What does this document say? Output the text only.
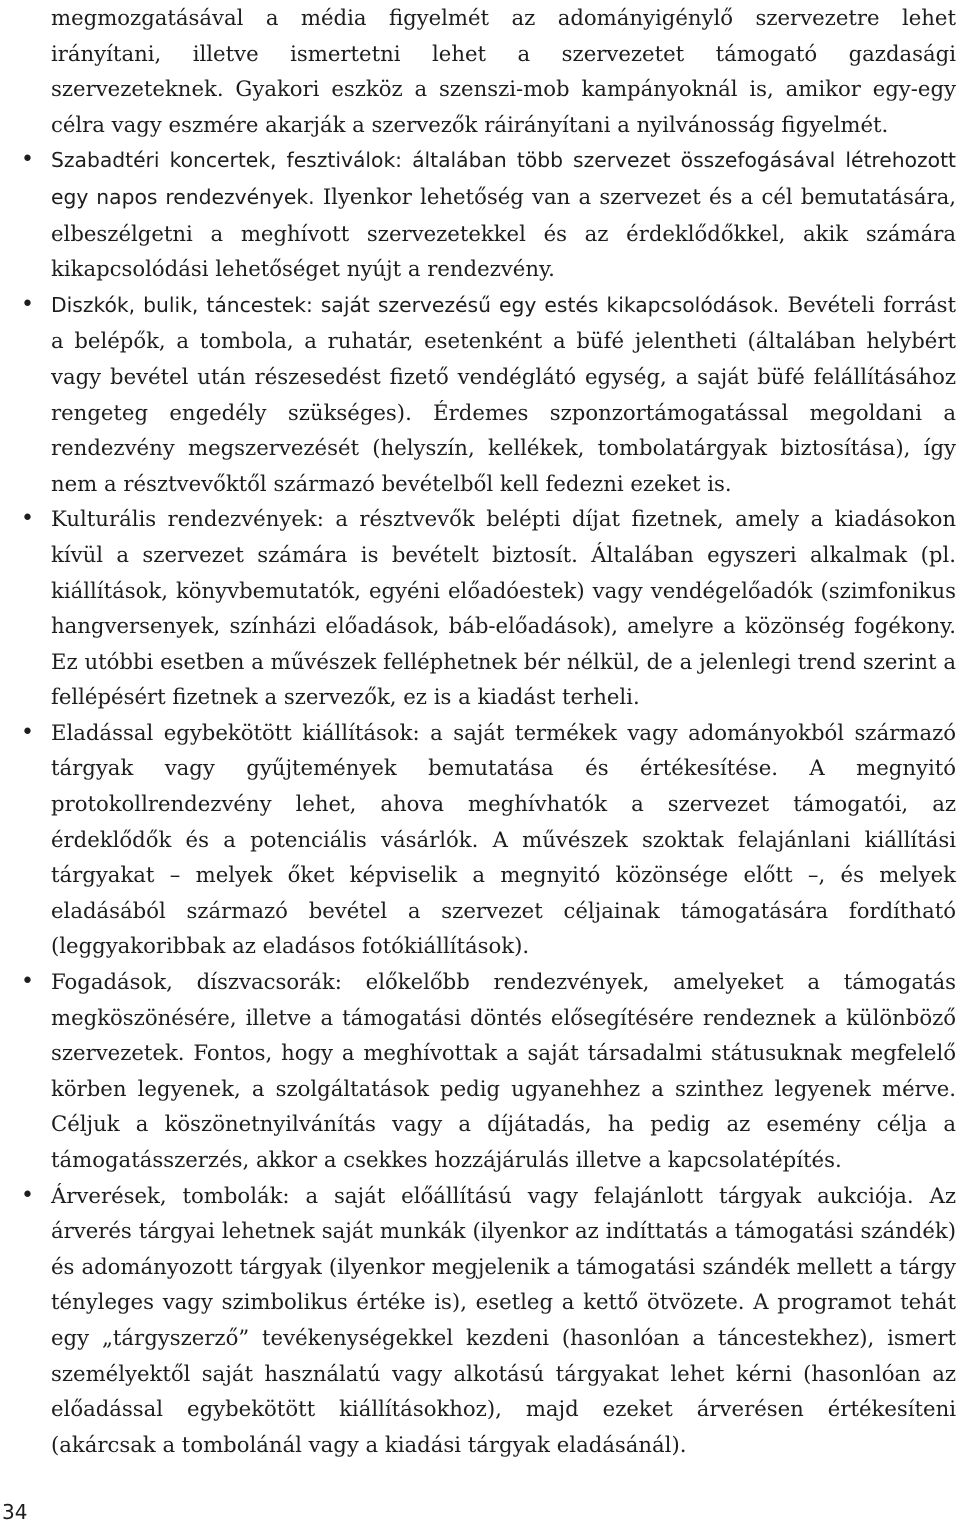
megmozgatásával a média figyelmét az adományigénylő szervezetre lehet irányítani, illetve ismertetni lehet a szervezetet támogató gazdasági szervezeteknek. Gyakori eszköz a szenszi-mob kampányoknál is, amikor egy-egy célra vagy eszmére akarják a szervezők ráirányítani a nyilvánosság figyelmét.

• Szabadtéri koncertek, fesztiválok: általában több szervezet összefogásával létrehozott egy napos rendezvények. Ilyenkor lehetőség van a szervezet és a cél bemutatására, elbeszélgetni a meghívott szervezetekkel és az érdeklődőkkel, akik számára kikapcsolódási lehetőséget nyújt a rendezvény.
• Diszkók, bulik, táncestek: saját szervezésű egy estés kikapcsolódások. Bevételi forrást a belépők, a tombola, a ruhatár, esetenként a büfé jelentheti (általában helybért vagy bevétel után részesedést fizető vendéglátó egység, a saját büfé felállításához rengeteg engedély szükséges). Érdemes szponzortámogatással megoldani a rendezvény megszervezését (helyszín, kellékek, tombolatárgyak biztosítása), így nem a résztvevőktől származó bevételből kell fedezni ezeket is.
• Kulturális rendezvények: a résztvevők belépti díjat fizetnek, amely a kiadásokon kívül a szervezet számára is bevételt biztosít. Általában egyszeri alkalmak (pl. kiállítások, könyvbemutatók, egyéni előadóestek) vagy vendégelőadók (szimfonikus hangversenyek, színházi előadások, báb-előadások), amelyre a közönség fogékony. Ez utóbbi esetben a művészek felléphetnek bér nélkül, de a jelenlegi trend szerint a fellépésért fizetnek a szervezők, ez is a kiadást terheli.
• Eladással egybekötött kiállítások: a saját termékek vagy adományokból származó tárgyak vagy gyűjtemények bemutatása és értékesítése. A megnyitó protokollrendezvény lehet, ahova meghívhatók a szervezet támogatói, az érdeklődők és a potenciális vásárlók. A művészek szoktak felajánlani kiállítási tárgyakat – melyek őket képviselik a megnyitó közönsége előtt –, és melyek eladásából származó bevétel a szervezet céljainak támogatására fordítható (leggyakoribbak az eladásos fotókiállítások).
• Fogadások, díszvacsorák: előkelőbb rendezvények, amelyeket a támogatás megköszönésére, illetve a támogatási döntés elősegítésére rendeznek a különböző szervezetek. Fontos, hogy a meghívottak a saját társadalmi státusuknak megfelelő körben legyenek, a szolgáltatások pedig ugyanehhez a szinthez legyenek mérve. Céljuk a köszönetnyilvánítás vagy a díjátadás, ha pedig az esemény célja a támogatásszerzés, akkor a csekkes hozzájárulás illetve a kapcsolatépítés.
• Árverések, tombolák: a saját előállítású vagy felajánlott tárgyak aukciója. Az árverés tárgyai lehetnek saját munkák (ilyenkor az indíttatás a támogatási szándék) és adományozott tárgyak (ilyenkor megjelenik a támogatási szándék mellett a tárgy tényleges vagy szimbolikus értéke is), esetleg a kettő ötvözete. A programot tehát egy „tárgyszerző” tevékenységekkel kezdeni (hasonlóan a táncestekhez), ismert személyektől saját használatú vagy alkotású tárgyakat lehet kérni (hasonlóan az előadással egybekötött kiállításokhoz), majd ezeket árverésen értékesíteni (akárcsak a tombolánál vagy a kiadási tárgyak eladásánál).
34
